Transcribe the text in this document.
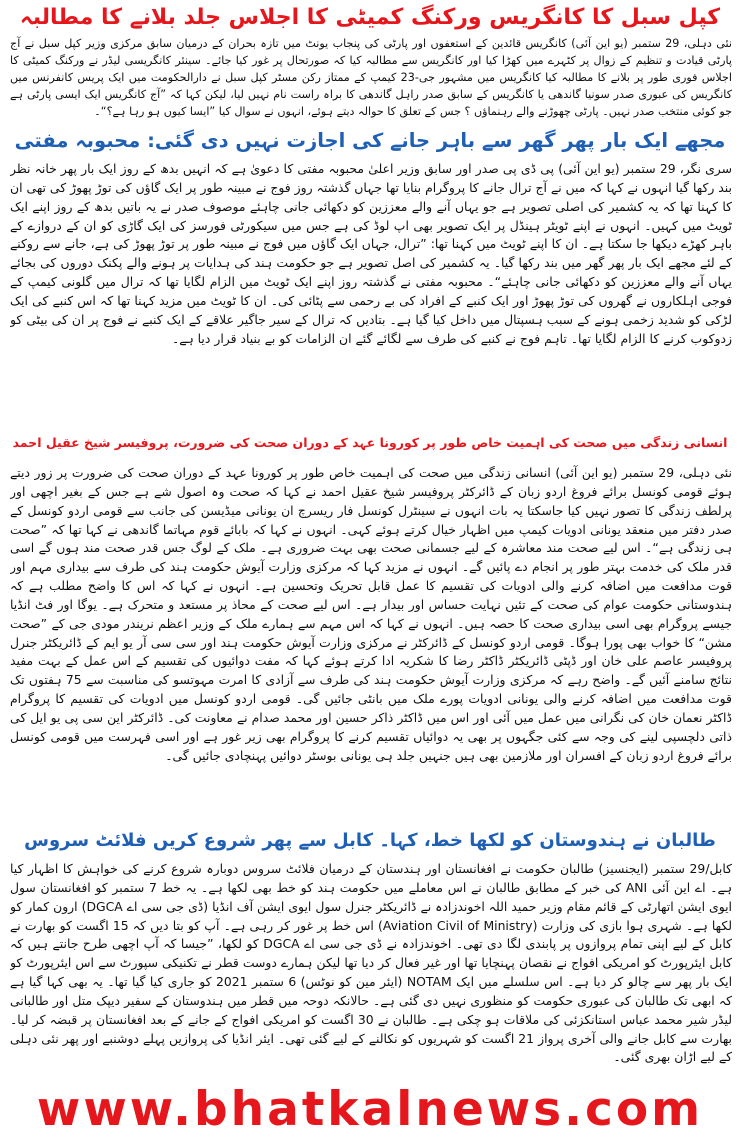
کپل سبل کا کانگریس ورکنگ کمیٹی کا اجلاس جلد بلانے کا مطالبہ

نئی دہلی، 29 ستمبر (یو این آئی) کانگریس قائدین کے استعفوں اور پارٹی کی پنجاب یونٹ میں تازہ بحران کے درمیان سابق مرکزی وزیر کپل سبل نے آج پارٹی قیادت و تنظیم کے زوال پر کٹہرے میں کھڑا کیا اور کانگریس سے مطالبہ کیا کہ صورتحال پر غور کیا جائے۔ سینئر کانگریسی لیڈر نے ورکنگ کمیٹی کا اجلاس فوری طور پر بلانے کا مطالبہ کیا کانگریس میں مشہور جی-23 کیمپ کے ممتاز رکن مسٹر کپل سبل نے دارالحکومت میں ایک پریس کانفرنس میں کانگریس کی عبوری صدر سونیا گاندھی یا کانگریس کے سابق صدر راہل گاندھی کا براہ راست نام نہیں لیا، لیکن کہا کہ ”آج کانگریس ایک ایسی پارٹی ہے جو کوئی منتخب صدر نہیں۔ پارٹی چھوڑنے والے رہنماؤں ؟ جس کے تعلق کا حوالہ دیتے ہوئے، انہوں نے سوال کیا ”ایسا کیوں ہو رہا ہے؟“۔

مجھے ایک بار پھر گھر سے باہر جانے کی اجازت نہیں دی گئی: محبوبہ مفتی

سری نگر، 29 ستمبر (یو این آئی) پی ڈی پی صدر اور سابق وزیر اعلیٰ محبوبہ مفتی کا دعویٰ ہے کہ انہیں بدھ کے روز ایک بار پھر خانہ نظر بند رکھا گیا انہوں نے کہا کہ میں نے آج ترال جانے کا پروگرام بنایا تھا جہاں گذشتہ روز فوج نے مبینہ طور پر ایک گاؤں کی توڑ پھوڑ کی تھی ان کا کہنا تھا کہ یہ کشمیر کی اصلی تصویر ہے جو یہاں آنے والے معززین کو دکھائی جانی چاہئے موصوف صدر نے یہ باتیں بدھ کے روز اپنے ایک ٹویٹ میں کہیں۔ انہوں نے اپنے ٹویٹر ہینڈل پر ایک تصویر بھی اپ لوڈ کی ہے جس میں سیکورٹی فورسز کی ایک گاڑی کو ان کے دروازے کے باہر کھڑے دیکھا جا سکتا ہے۔ ان کا اپنے ٹویٹ میں کہنا تھا: ”ترال، جہاں ایک گاؤں میں فوج نے مبینہ طور پر توڑ پھوڑ کی ہے، جانے سے روکنے کے لئے مجھے ایک بار پھر گھر میں بند رکھا گیا۔ یہ کشمیر کی اصل تصویر ہے جو حکومت ہند کی ہدایات پر ہونے والے پکنک دوروں کی بجائے یہاں آنے والے معززین کو دکھائی جانی چاہئے“۔ محبوبہ مفتی نے گذشتہ روز اپنے ایک ٹویٹ میں الزام لگایا تھا کہ ترال میں گلونی کیمپ کے فوجی اہلکاروں نے گھروں کی توڑ پھوڑ اور ایک کنبے کے افراد کی بے رحمی سے پٹائی کی۔ ان کا ٹویٹ میں مزید کہنا تھا کہ اس کنبے کی ایک لڑکی کو شدید زخمی ہونے کے سبب ہسپتال میں داخل کیا گیا ہے۔ بتادیں کہ ترال کے سیر جاگیر علاقے کے ایک کنبے نے فوج پر ان کی بیٹی کو زدوکوب کرنے کا الزام لگایا تھا۔ تاہم فوج نے کنبے کی طرف سے لگائے گئے ان الزامات کو بے بنیاد قرار دیا ہے۔

انسانی زندگی میں صحت کی اہمیت خاص طور پر کورونا عہد کے دوران صحت کی ضرورت، پروفیسر شیخ عقیل احمد

نئی دہلی، 29 ستمبر (یو این آئی) انسانی زندگی میں صحت کی اہمیت خاص طور پر کورونا عہد کے دوران صحت کی ضرورت پر زور دیتے ہوئے قومی کونسل برائے فروغ اردو زبان کے ڈائرکٹر پروفیسر شیخ عقیل احمد نے کہا کہ صحت وہ اصول شے ہے جس کے بغیر اچھی اور پرلطف زندگی کا تصور نہیں کیا جاسکتا یہ بات انہوں نے سینٹرل کونسل فار ریسرچ ان یونانی میڈیسن کی جانب سے قومی اردو کونسل کے صدر دفتر میں منعقد یونانی ادویات کیمپ میں اظہار خیال کرتے ہوئے کہی۔ انہوں نے کہا کہ بابائے قوم مہاتما گاندھی نے کہا تھا کہ ”صحت ہی زندگی ہے“۔ اس لیے صحت مند معاشرہ کے لیے جسمانی صحت بھی بہت ضروری ہے۔ ملک کے لوگ جس قدر صحت مند ہوں گے اسی قدر ملک کی خدمت بہتر طور پر انجام دے پائیں گے۔ انہوں نے مزید کہا کہ مرکزی وزارت آیوش حکومت ہند کی طرف سے بیداری مہم اور قوت مدافعت میں اضافہ کرنے والی ادویات کی تقسیم کا عمل قابل تحریک وتحسین ہے۔ انہوں نے کہا کہ اس کا واضح مطلب ہے کہ ہندوستانی حکومت عوام کی صحت کے تئیں نہایت حساس اور بیدار ہے۔ اس لیے صحت کے محاذ پر مستعد و متحرک ہے۔ یوگا اور فٹ انڈیا جیسے پروگرام بھی اسی بیداری صحت کا حصہ ہیں۔ انہوں نے کہا کہ اس مہم سے ہمارے ملک کے وزیر اعظم نریندر مودی جی کے ”صحت مشن“ کا خواب بھی پورا ہوگا۔ قومی اردو کونسل کے ڈائرکٹر نے مرکزی وزارت آیوش حکومت ہند اور سی سی آر یو ایم کے ڈائریکٹر جنرل پروفیسر عاصم علی خان اور ڈپٹی ڈائریکٹر ڈاکٹر رضا کا شکریہ ادا کرتے ہوئے کہا کہ مفت دوائیوں کی تقسیم کے اس عمل کے بہت مفید نتائج سامنے آئیں گے۔ واضح رہے کہ مرکزی وزارت آیوش حکومت ہند کی طرف سے آزادی کا امرت مہوتسو کی مناسبت سے 75 ہفتوں تک قوت مدافعت میں اضافہ کرنے والی یونانی ادویات پورے ملک میں بانٹی جائیں گی۔ قومی اردو کونسل میں ادویات کی تقسیم کا پروگرام ڈاکٹر نعمان خان کی نگرانی میں عمل میں آئی اور اس میں ڈاکٹر ذاکر حسین اور محمد صدام نے معاونت کی۔ ڈائرکٹر این سی پی یو ایل کی ذاتی دلچسپی لینے کی وجہ سے کئی جگہوں پر بھی یہ دوائیاں تقسیم کرنے کا پروگرام بھی زیر غور ہے اور اسی فہرست میں قومی کونسل برائے فروغ اردو زبان کے افسران اور ملازمین بھی ہیں جنہیں جلد ہی یونانی بوسٹر دوائیں پہنچادی جائیں گی۔

طالبان نے ہندوستان کو لکھا خط، کہا۔ کابل سے پھر شروع کریں فلائٹ سروس

کابل/29 ستمبر (ایجنسیز) طالبان حکومت نے افغانستان اور ہندستان کے درمیان فلائٹ سروس دوبارہ شروع کرنے کی خواہش کا اظہار کیا ہے۔ اے این آئی ANI کی خبر کے مطابق طالبان نے اس معاملے میں حکومت ہند کو خط بھی لکھا ہے۔ یہ خط 7 ستمبر کو افغانستان سول ایوی ایشن اتھارٹی کے قائم مقام وزیر حمید اللہ اخوندزادہ نے ڈائریکٹر جنرل سول ایوی ایشن آف انڈیا (ڈی جی سی اے DGCA) ارون کمار کو لکھا ہے۔ شہری ہوا بازی کی وزارت (Aviation Civil of Ministry) اس خط پر غور کر رہی ہے۔ آپ کو بتا دیں کہ 15 اگست کو بھارت نے کابل کے لیے اپنی تمام پروازوں پر پابندی لگا دی تھی۔ اخوندزادہ نے ڈی جی سی اے DGCA کو لکھا، ”جیسا کہ آپ اچھی طرح جانتے ہیں کہ کابل ایئرپورٹ کو امریکی افواج نے نقصان پہنچایا تھا اور غیر فعال کر دیا تھا لیکن ہمارے دوست قطر نے تکنیکی سپورٹ سے اس ایئرپورٹ کو ایک بار پھر سے چالو کر دیا ہے۔ اس سلسلے میں ایک NOTAM (ایئر مین کو نوٹس) 6 ستمبر 2021 کو جاری کیا گیا تھا۔ یہ بھی کہا گیا ہے کہ ابھی تک طالبان کی عبوری حکومت کو منظوری نہیں دی گئی ہے۔ حالانکہ دوحہ میں قطر میں ہندوستان کے سفیر دیپک متل اور طالبانی لیڈر شیر محمد عباس استانکزئی کی ملاقات ہو چکی ہے۔ طالبان نے 30 اگست کو امریکی افواج کے جانے کے بعد افغانستان پر قبضہ کر لیا۔ بھارت سے کابل جانے والی آخری پرواز 21 اگست کو شہریوں کو نکالنے کے لیے گئی تھی۔ ایئر انڈیا کی پروازیں پہلے دوشنبے اور پھر نئی دہلی کے لیے اڑان بھری گئی۔

www.bhatkalnews.com
